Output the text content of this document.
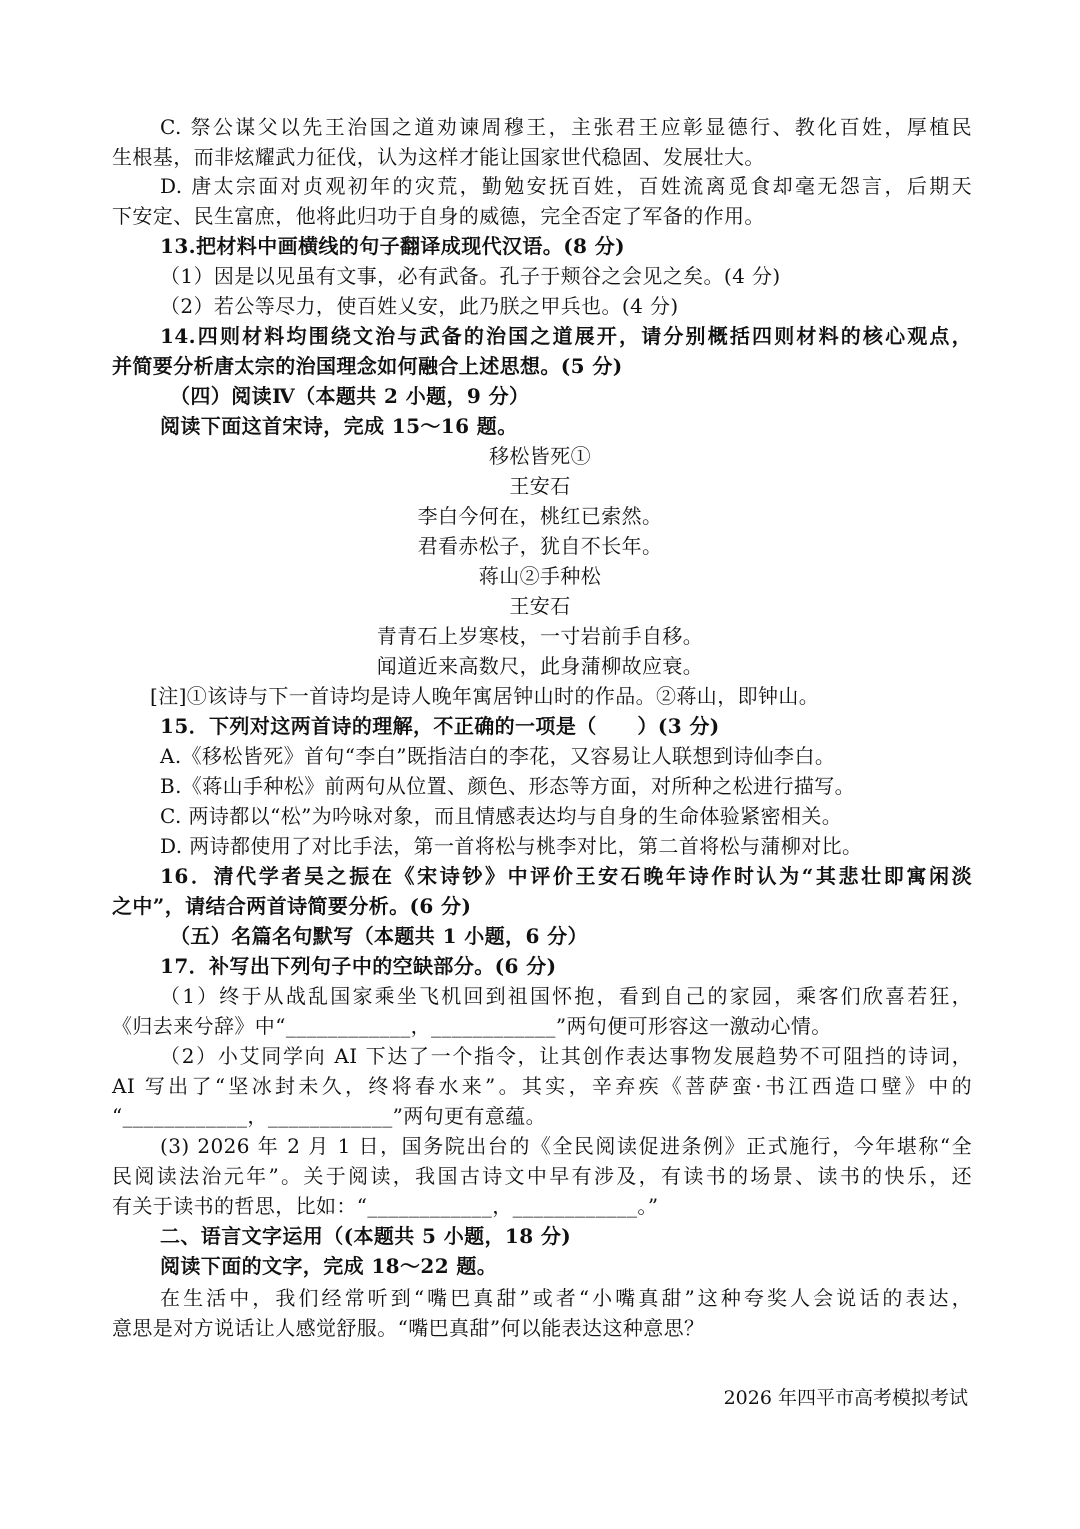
C. 祭公谋父以先王治国之道劝谏周穆王，主张君王应彰显德行、教化百姓，厚植民
生根基，而非炫耀武力征伐，认为这样才能让国家世代稳固、发展壮大。
D. 唐太宗面对贞观初年的灾荒，勤勉安抚百姓，百姓流离觅食却毫无怨言，后期天
下安定、民生富庶，他将此归功于自身的威德，完全否定了军备的作用。
13.把材料中画横线的句子翻译成现代汉语。(8 分)
（1）因是以见虽有文事，必有武备。孔子于颊谷之会见之矣。(4 分)
（2）若公等尽力，使百姓乂安，此乃朕之甲兵也。(4 分)
14.四则材料均围绕文治与武备的治国之道展开，请分别概括四则材料的核心观点，
并简要分析唐太宗的治国理念如何融合上述思想。(5 分)
（四）阅读Ⅳ（本题共 2 小题，9 分）
阅读下面这首宋诗，完成 15～16 题。
移松皆死①
王安石
李白今何在，桃红已索然。
君看赤松子，犹自不长年。
蒋山②手种松
王安石
青青石上岁寒枝，一寸岩前手自移。
闻道近来高数尺，此身蒲柳故应衰。
[注]①该诗与下一首诗均是诗人晚年寓居钟山时的作品。②蒋山，即钟山。
15．下列对这两首诗的理解，不正确的一项是（　　）(3 分)
A.《移松皆死》首句“李白”既指洁白的李花，又容易让人联想到诗仙李白。
B.《蒋山手种松》前两句从位置、颜色、形态等方面，对所种之松进行描写。
C. 两诗都以“松”为吟咏对象，而且情感表达均与自身的生命体验紧密相关。
D. 两诗都使用了对比手法，第一首将松与桃李对比，第二首将松与蒲柳对比。
16．清代学者吴之振在《宋诗钞》中评价王安石晚年诗作时认为“其悲壮即寓闲淡
之中”，请结合两首诗简要分析。(6 分)
（五）名篇名句默写（本题共 1 小题，6 分）
17．补写出下列句子中的空缺部分。(6 分)
（1）终于从战乱国家乘坐飞机回到祖国怀抱，看到自己的家园，乘客们欣喜若狂，
《归去来兮辞》中“____________，____________”两句便可形容这一激动心情。
（2）小艾同学向 AI 下达了一个指令，让其创作表达事物发展趋势不可阻挡的诗词，
AI 写出了“坚冰封未久，终将春水来”。其实，辛弃疾《菩萨蛮·书江西造口壁》中的
“____________，____________”两句更有意蕴。
(3) 2026 年 2 月 1 日，国务院出台的《全民阅读促进条例》正式施行，今年堪称“全
民阅读法治元年”。关于阅读，我国古诗文中早有涉及，有读书的场景、读书的快乐，还
有关于读书的哲思，比如：“____________，____________。”
二、语言文字运用（(本题共 5 小题，18 分)
阅读下面的文字，完成 18～22 题。
在生活中，我们经常听到“嘴巴真甜”或者“小嘴真甜”这种夸奖人会说话的表达，
意思是对方说话让人感觉舒服。“嘴巴真甜”何以能表达这种意思？
2026 年四平市高考模拟考试
